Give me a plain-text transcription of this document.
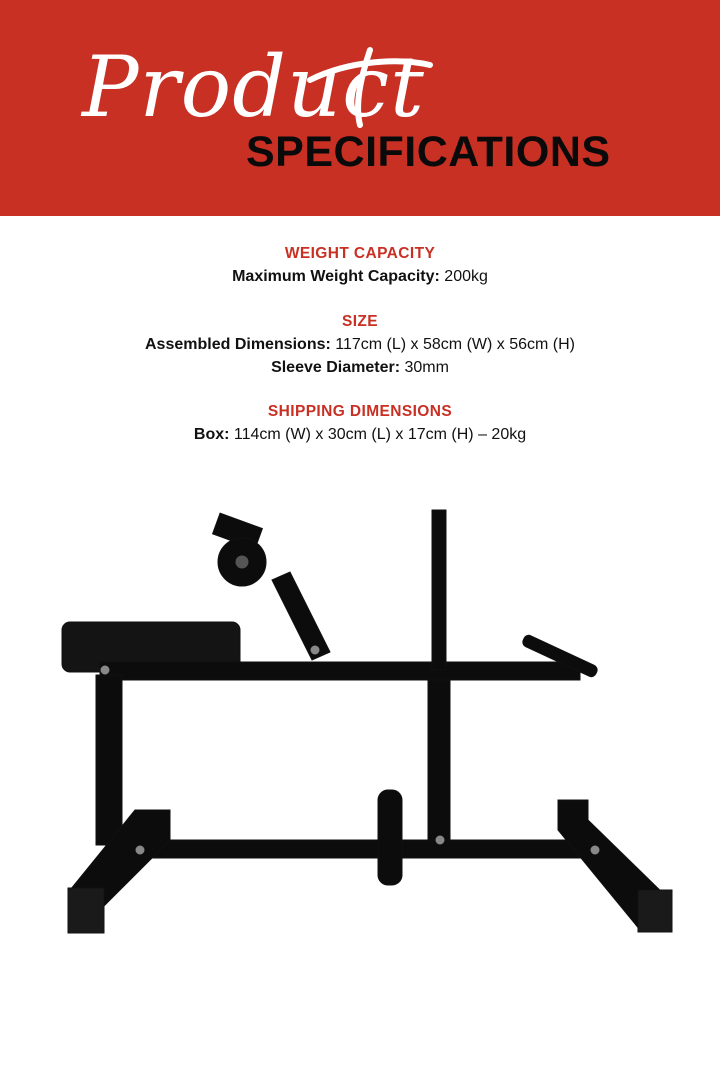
Product
SPECIFICATIONS
WEIGHT CAPACITY
Maximum Weight Capacity: 200kg
SIZE
Assembled Dimensions: 117cm (L) x 58cm (W) x 56cm (H)
Sleeve Diameter: 30mm
SHIPPING DIMENSIONS
Box: 114cm (W) x 30cm (L) x 17cm (H) – 20kg
